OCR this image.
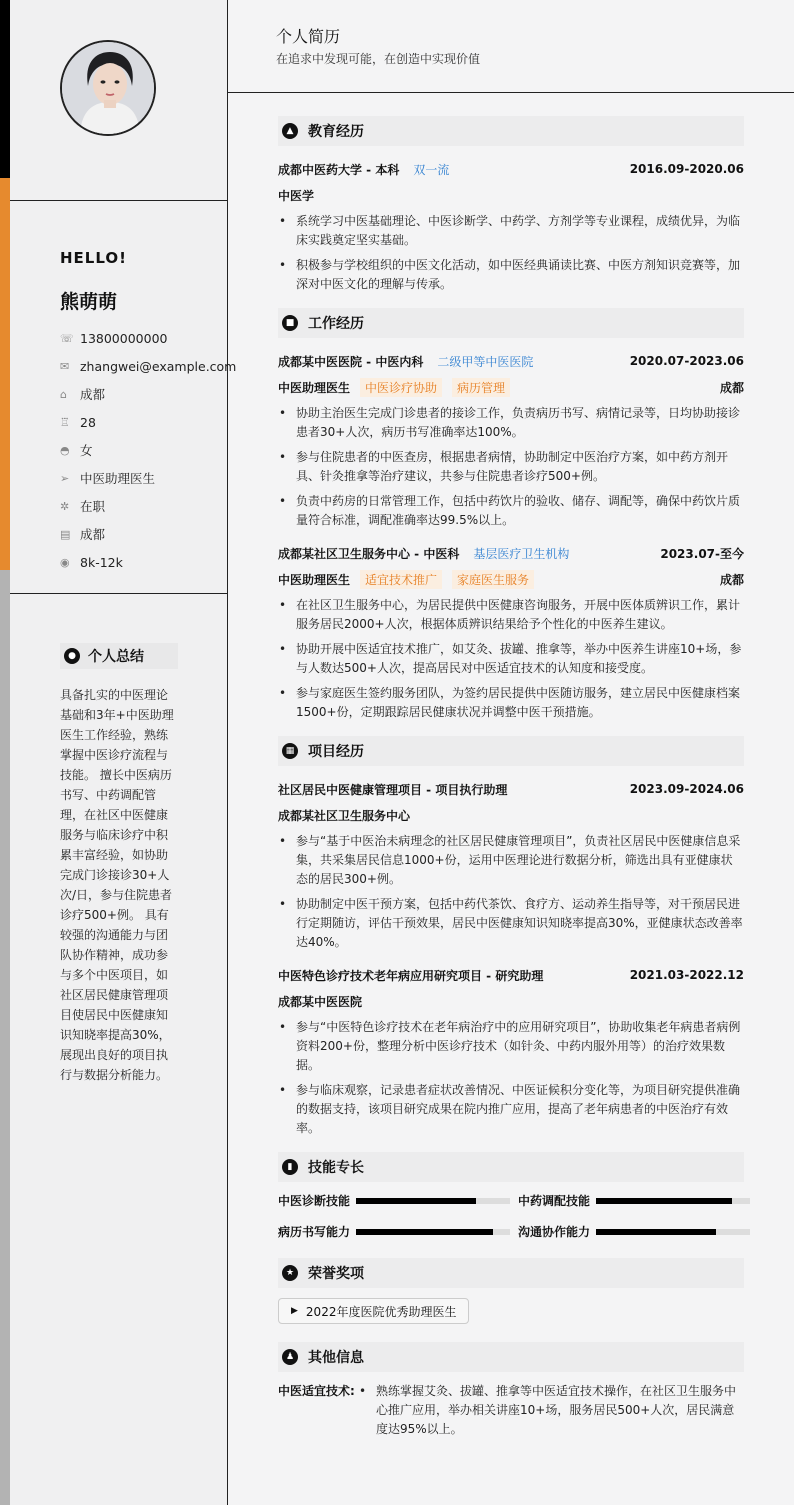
HELLO!
熊萌萌
☏ 13800000000
✉ zhangwei@example.com
⌂	成都
♖ 28
◓ 女
➢ 中医助理医生
✲ 在职
▤ 成都
◉ 8k-12k
● 个人总结
具备扎实的中医理论基础和3年+中医助理医生工作经验，熟练掌握中医诊疗流程与技能。 擅长中医病历书写、中药调配管理，在社区中医健康服务与临床诊疗中积累丰富经验，如协助完成门诊接诊30+人次/日，参与住院患者诊疗500+例。 具有较强的沟通能力与团队协作精神，成功参与多个中医项目，如社区居民健康管理项目使居民中医健康知识知晓率提高30%，展现出良好的项目执行与数据分析能力。
个人简历
在追求中发现可能，在创造中实现价值
▲	教育经历
成都中医药大学 - 本科 双一流	2016.09-2020.06
中医学
• 系统学习中医基础理论、中医诊断学、中药学、方剂学等专业课程，成绩优异，为临床实践奠定坚实基础。
• 积极参与学校组织的中医文化活动，如中医经典诵读比赛、中医方剂知识竞赛等，加深对中医文化的理解与传承。
■ 工作经历
成都某中医医院 - 中医内科 二级甲等中医医院	2020.07-2023.06
中医助理医生	中医诊疗协助	病历管理	成都
• 协助主治医生完成门诊患者的接诊工作，负责病历书写、病情记录等，日均协助接诊患者30+人次，病历书写准确率达100%。
• 参与住院患者的中医查房，根据患者病情，协助制定中医治疗方案，如中药方剂开具、针灸推拿等治疗建议，共参与住院患者诊疗500+例。
• 负责中药房的日常管理工作，包括中药饮片的验收、储存、调配等，确保中药饮片质量符合标准，调配准确率达99.5%以上。
成都某社区卫生服务中心 - 中医科 基层医疗卫生机构	2023.07-至今
中医助理医生	适宜技术推广	家庭医生服务	成都
• 在社区卫生服务中心，为居民提供中医健康咨询服务，开展中医体质辨识工作，累计服务居民2000+人次，根据体质辨识结果给予个性化的中医养生建议。
• 协助开展中医适宜技术推广，如艾灸、拔罐、推拿等，举办中医养生讲座10+场，参与人数达500+人次，提高居民对中医适宜技术的认知度和接受度。
• 参与家庭医生签约服务团队，为签约居民提供中医随访服务，建立居民中医健康档案1500+份，定期跟踪居民健康状况并调整中医干预措施。
▦ 项目经历
社区居民中医健康管理项目 - 项目执行助理	2023.09-2024.06
成都某社区卫生服务中心
• 参与“基于中医治未病理念的社区居民健康管理项目”，负责社区居民中医健康信息采集，共采集居民信息1000+份，运用中医理论进行数据分析，筛选出具有亚健康状态的居民300+例。
• 协助制定中医干预方案，包括中药代茶饮、食疗方、运动养生指导等，对干预居民进行定期随访，评估干预效果，居民中医健康知识知晓率提高30%，亚健康状态改善率达40%。
中医特色诊疗技术老年病应用研究项目 - 研究助理	2021.03-2022.12
成都某中医医院
• 参与“中医特色诊疗技术在老年病治疗中的应用研究项目”，协助收集老年病患者病例资料200+份，整理分析中医诊疗技术（如针灸、中药内服外用等）的治疗效果数据。
• 参与临床观察，记录患者症状改善情况、中医证候积分变化等，为项目研究提供准确的数据支持，该项目研究成果在院内推广应用，提高了老年病患者的中医治疗有效率。
▮	技能专长
中医诊断技能	中药调配技能
病历书写能力	沟通协作能力
★ 荣誉奖项
▶ 2022年度医院优秀助理医生
♟ 其他信息
中医适宜技术:
•	熟练掌握艾灸、拔罐、推拿等中医适宜技术操作，在社区卫生服务中心推广应用，举办相关讲座10+场，服务居民500+人次，居民满意度达95%以上。
